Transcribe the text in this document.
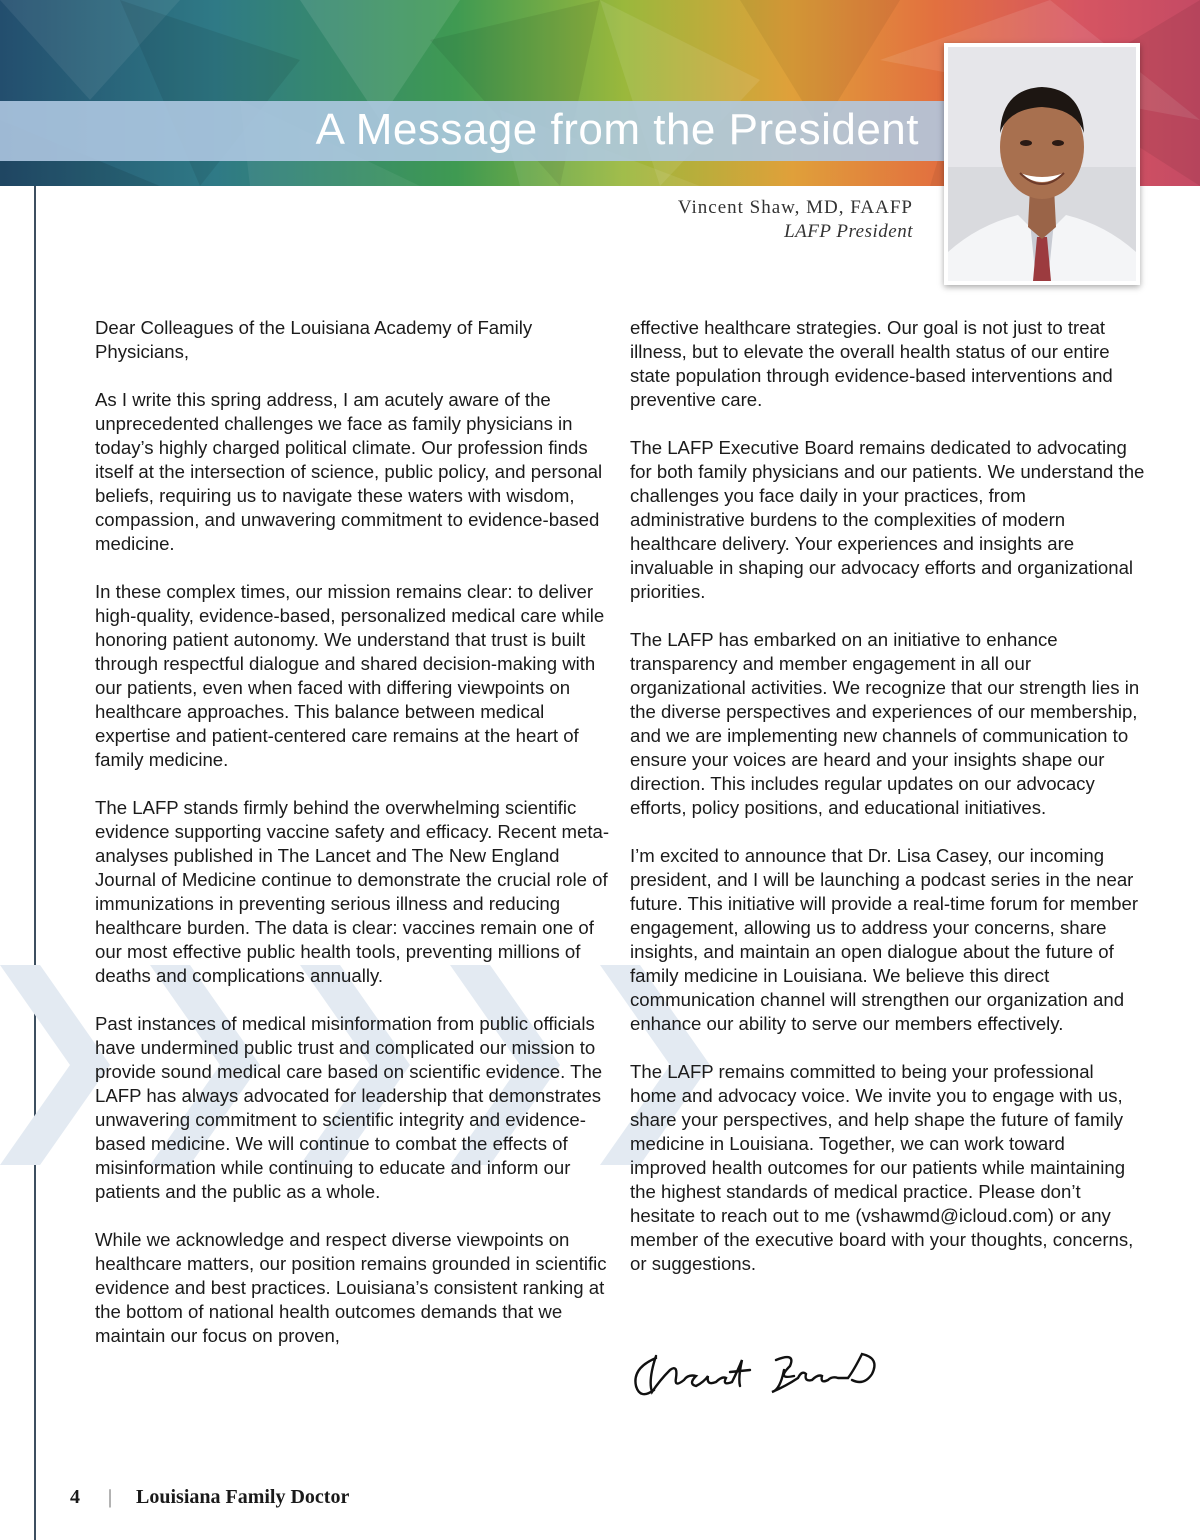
A Message from the President
Vincent Shaw, MD, FAAFP
LAFP President

Dear Colleagues of the Louisiana Academy of Family Physicians,

As I write this spring address, I am acutely aware of the unprecedented challenges we face as family physicians in today’s highly charged political climate. Our profession finds itself at the intersection of science, public policy, and personal beliefs, requiring us to navigate these waters with wisdom, compassion, and unwavering commitment to evidence-based medicine.

In these complex times, our mission remains clear: to deliver high-quality, evidence-based, personalized medical care while honoring patient autonomy. We understand that trust is built through respectful dialogue and shared decision-making with our patients, even when faced with differing viewpoints on healthcare approaches. This balance between medical expertise and patient-centered care remains at the heart of family medicine.

The LAFP stands firmly behind the overwhelming scientific evidence supporting vaccine safety and efficacy. Recent meta-analyses published in The Lancet and The New England Journal of Medicine continue to demonstrate the crucial role of immunizations in preventing serious illness and reducing healthcare burden. The data is clear: vaccines remain one of our most effective public health tools, preventing millions of deaths and complications annually.

Past instances of medical misinformation from public officials have undermined public trust and complicated our mission to provide sound medical care based on scientific evidence. The LAFP has always advocated for leadership that demonstrates unwavering commitment to scientific integrity and evidence-based medicine. We will continue to combat the effects of misinformation while continuing to educate and inform our patients and the public as a whole.

While we acknowledge and respect diverse viewpoints on healthcare matters, our position remains grounded in scientific evidence and best practices. Louisiana’s consistent ranking at the bottom of national health outcomes demands that we maintain our focus on proven,

effective healthcare strategies. Our goal is not just to treat illness, but to elevate the overall health status of our entire state population through evidence-based interventions and preventive care.

The LAFP Executive Board remains dedicated to advocating for both family physicians and our patients. We understand the challenges you face daily in your practices, from administrative burdens to the complexities of modern healthcare delivery. Your experiences and insights are invaluable in shaping our advocacy efforts and organizational priorities.

The LAFP has embarked on an initiative to enhance transparency and member engagement in all our organizational activities. We recognize that our strength lies in the diverse perspectives and experiences of our membership, and we are implementing new channels of communication to ensure your voices are heard and your insights shape our direction. This includes regular updates on our advocacy efforts, policy positions, and educational initiatives.

I’m excited to announce that Dr. Lisa Casey, our incoming president, and I will be launching a podcast series in the near future. This initiative will provide a real-time forum for member engagement, allowing us to address your concerns, share insights, and maintain an open dialogue about the future of family medicine in Louisiana. We believe this direct communication channel will strengthen our organization and enhance our ability to serve our members effectively.

The LAFP remains committed to being your professional home and advocacy voice. We invite you to engage with us, share your perspectives, and help shape the future of family medicine in Louisiana. Together, we can work toward improved health outcomes for our patients while maintaining the highest standards of medical practice. Please don’t hesitate to reach out to me (vshawmd@icloud.com) or any member of the executive board with your thoughts, concerns, or suggestions.

4 | Louisiana Family Doctor
